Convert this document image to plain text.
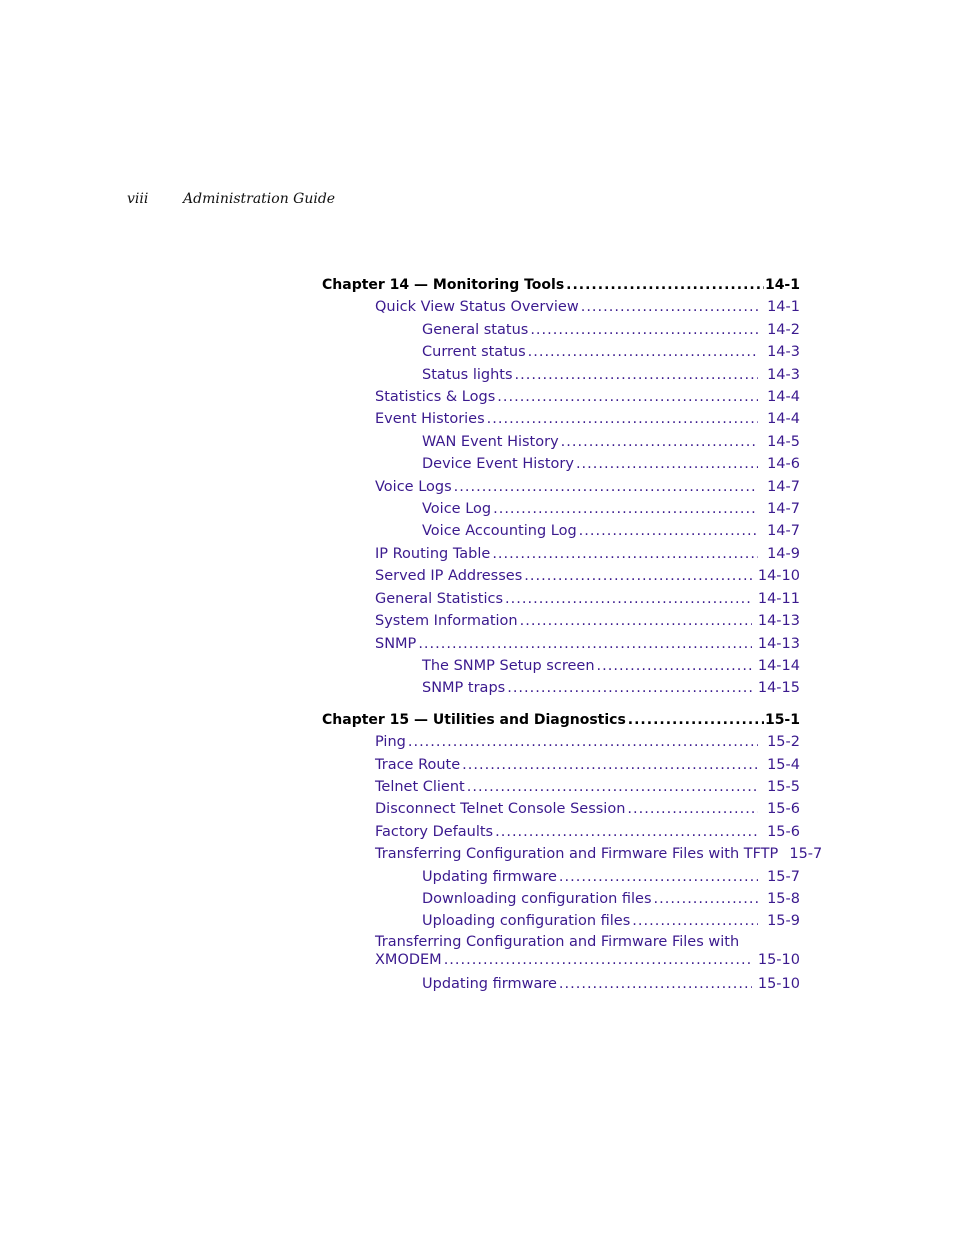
viii Administration Guide
Chapter 14 — Monitoring Tools .....	14-1
Quick View Status Overview .....	14-1
General status .....	14-2
Current status .....	14-3
Status lights .....	14-3
Statistics & Logs .....	14-4
Event Histories .....	14-4
WAN Event History .....	14-5
Device Event History .....	14-6
Voice Logs .....	14-7
Voice Log .....	14-7
Voice Accounting Log .....	14-7
IP Routing Table .....	14-9
Served IP Addresses .....	14-10
General Statistics .....	14-11
System Information .....	14-13
SNMP .....	14-13
The SNMP Setup screen .....	14-14
SNMP traps .....	14-15
Chapter 15 — Utilities and Diagnostics .....	15-1
Ping .....	15-2
Trace Route .....	15-4
Telnet Client .....	15-5
Disconnect Telnet Console Session .....	15-6
Factory Defaults .....	15-6
Transferring Configuration and Firmware Files with TFTP 15-7
Updating firmware .....	15-7
Downloading configuration files .....	15-8
Uploading configuration files .....	15-9
Transferring Configuration and Firmware Files with
XMODEM .....	15-10
Updating firmware .....	15-10
